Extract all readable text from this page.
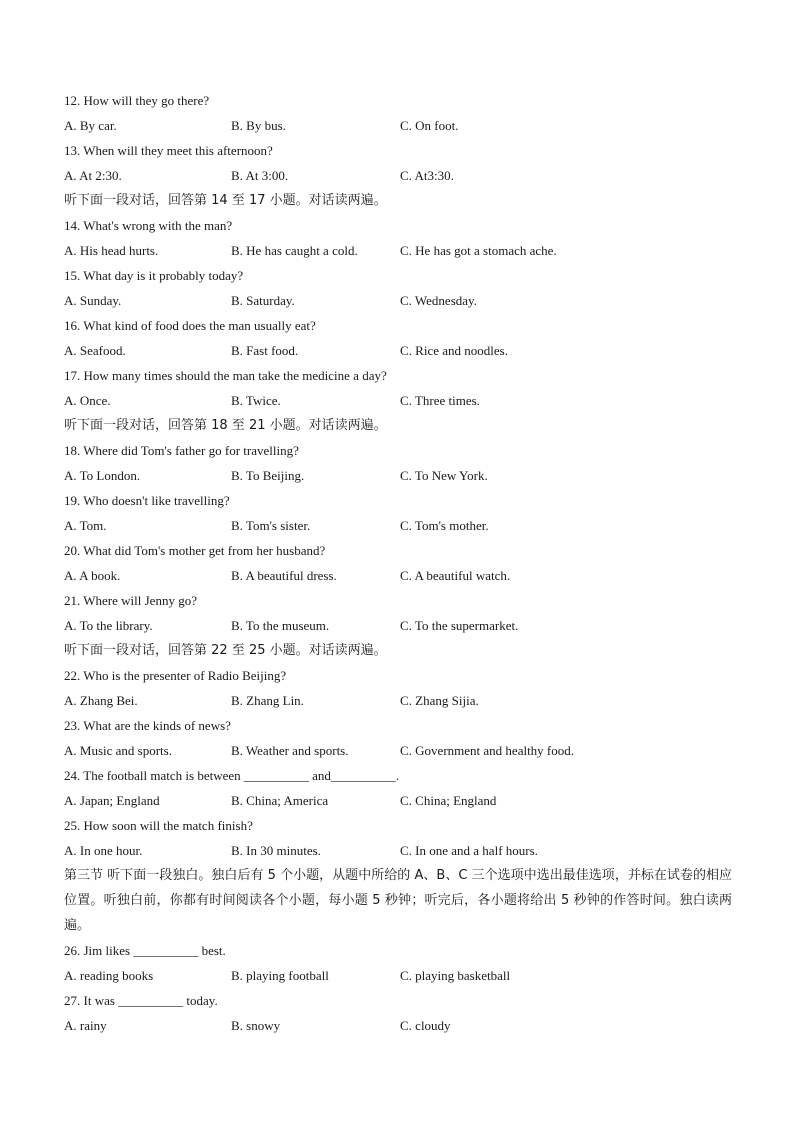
12. How will they go there?
A. By car.	B. By bus.	C. On foot.
13. When will they meet this afternoon?
A. At 2:30.	B. At 3:00.	C. At3:30.
听下面一段对话，回答第 14 至 17 小题。对话读两遍。
14. What's wrong with the man?
A. His head hurts.	B. He has caught a cold.	C. He has got a stomach ache.
15. What day is it probably today?
A. Sunday.	B. Saturday.	C. Wednesday.
16. What kind of food does the man usually eat?
A. Seafood.	B. Fast food.	C. Rice and noodles.
17. How many times should the man take the medicine a day?
A. Once.	B. Twice.	C. Three times.
听下面一段对话，回答第 18 至 21 小题。对话读两遍。
18. Where did Tom's father go for travelling?
A. To London.	B. To Beijing.	C. To New York.
19. Who doesn't like travelling?
A. Tom.	B. Tom's sister.	C. Tom's mother.
20. What did Tom's mother get from her husband?
A. A book.	B. A beautiful dress.	C. A beautiful watch.
21. Where will Jenny go?
A. To the library.	B. To the museum.	C. To the supermarket.
听下面一段对话，回答第 22 至 25 小题。对话读两遍。
22. Who is the presenter of Radio Beijing?
A. Zhang Bei.	B. Zhang Lin.	C. Zhang Sijia.
23. What are the kinds of news?
A. Music and sports.	B. Weather and sports.	C. Government and healthy food.
24. The football match is between __________ and__________.
A. Japan; England	B. China; America	C. China; England
25. How soon will the match finish?
A. In one hour.	B. In 30 minutes.	C. In one and a half hours.
第三节 听下面一段独白。独白后有 5 个小题，从题中所给的 A、B、C 三个选项中选出最佳选项，并标在试卷的相应位置。听独白前，你都有时间阅读各个小题，每小题 5 秒钟；听完后，各小题将给出 5 秒钟的作答时间。独白读两遍。
26. Jim likes __________ best.
A. reading books	B. playing football	C. playing basketball
27. It was __________ today.
A. rainy	B. snowy	C. cloudy
